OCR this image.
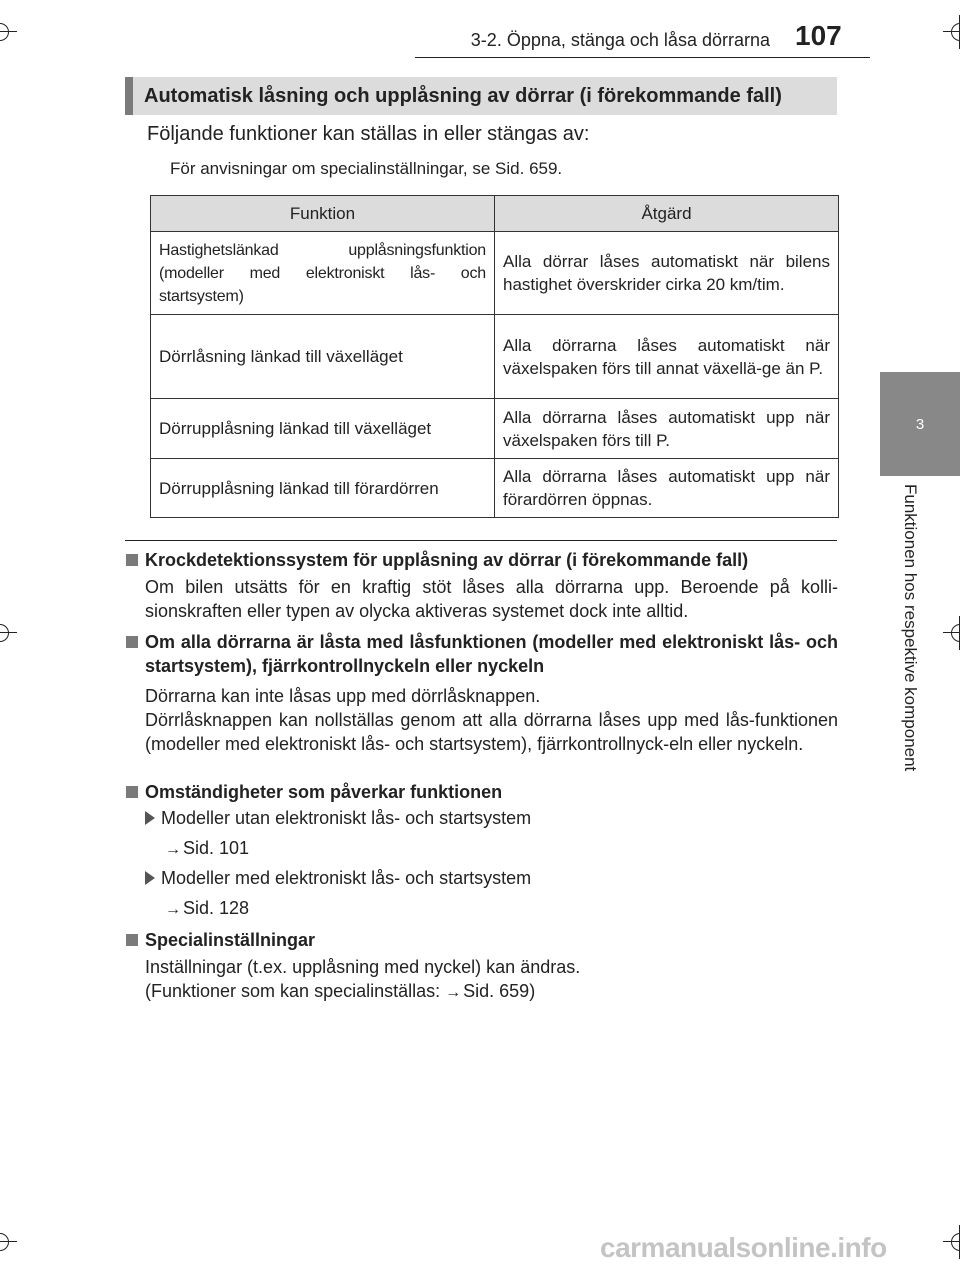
3-2. Öppna, stänga och låsa dörrarna 107
3
Funktionen hos respektive komponent
Automatisk låsning och upplåsning av dörrar (i förekommande fall)
Följande funktioner kan ställas in eller stängas av:
För anvisningar om specialinställningar, se Sid. 659.
Funktion	Åtgärd
Hastighetslänkad upplåsningsfunktion (modeller med elektroniskt lås- och startsystem)	Alla dörrar låses automatiskt när bilens hastighet överskrider cirka 20 km/tim.
Dörrlåsning länkad till växelläget	Alla dörrarna låses automatiskt när växelspaken förs till annat växellä-ge än P.
Dörrupplåsning länkad till växelläget	Alla dörrarna låses automatiskt upp när växelspaken förs till P.
Dörrupplåsning länkad till förardörren	Alla dörrarna låses automatiskt upp när förardörren öppnas.
Krockdetektionssystem för upplåsning av dörrar (i förekommande fall)
Om bilen utsätts för en kraftig stöt låses alla dörrarna upp. Beroende på kolli-sionskraften eller typen av olycka aktiveras systemet dock inte alltid.
Om alla dörrarna är låsta med låsfunktionen (modeller med elektroniskt lås- och startsystem), fjärrkontrollnyckeln eller nyckeln
Dörrarna kan inte låsas upp med dörrlåsknappen.
Dörrlåsknappen kan nollställas genom att alla dörrarna låses upp med lås-funktionen (modeller med elektroniskt lås- och startsystem), fjärrkontrollnyck-eln eller nyckeln.
Omständigheter som påverkar funktionen
Modeller utan elektroniskt lås- och startsystem
→ Sid. 101
Modeller med elektroniskt lås- och startsystem
→ Sid. 128
Specialinställningar
Inställningar (t.ex. upplåsning med nyckel) kan ändras.
(Funktioner som kan specialinställas: → Sid. 659)
carmanualsonline.info
